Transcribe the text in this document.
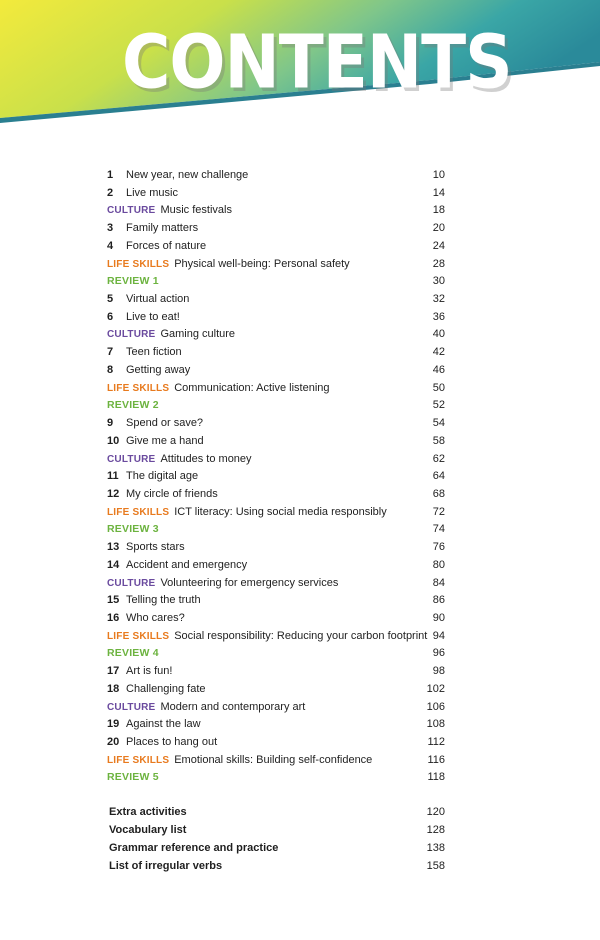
CONTENTS
1 New year, new challenge	10
2 Live music	14
CULTURE Music festivals	18
3 Family matters	20
4 Forces of nature	24
LIFE SKILLS Physical well-being: Personal safety	28
REVIEW 1	30
5 Virtual action	32
6 Live to eat!	36
CULTURE Gaming culture	40
7 Teen fiction	42
8 Getting away	46
LIFE SKILLS Communication: Active listening	50
REVIEW 2	52
9 Spend or save?	54
10 Give me a hand	58
CULTURE Attitudes to money	62
11 The digital age	64
12 My circle of friends	68
LIFE SKILLS ICT literacy: Using social media responsibly	72
REVIEW 3	74
13 Sports stars	76
14 Accident and emergency	80
CULTURE Volunteering for emergency services	84
15 Telling the truth	86
16 Who cares?	90
LIFE SKILLS Social responsibility: Reducing your carbon footprint 94
REVIEW 4	96
17 Art is fun!	98
18 Challenging fate	102
CULTURE Modern and contemporary art	106
19 Against the law	108
20 Places to hang out	112
LIFE SKILLS Emotional skills: Building self-confidence	116
REVIEW 5	118
Extra activities	120
Vocabulary list	128
Grammar reference and practice	138
List of irregular verbs	158
